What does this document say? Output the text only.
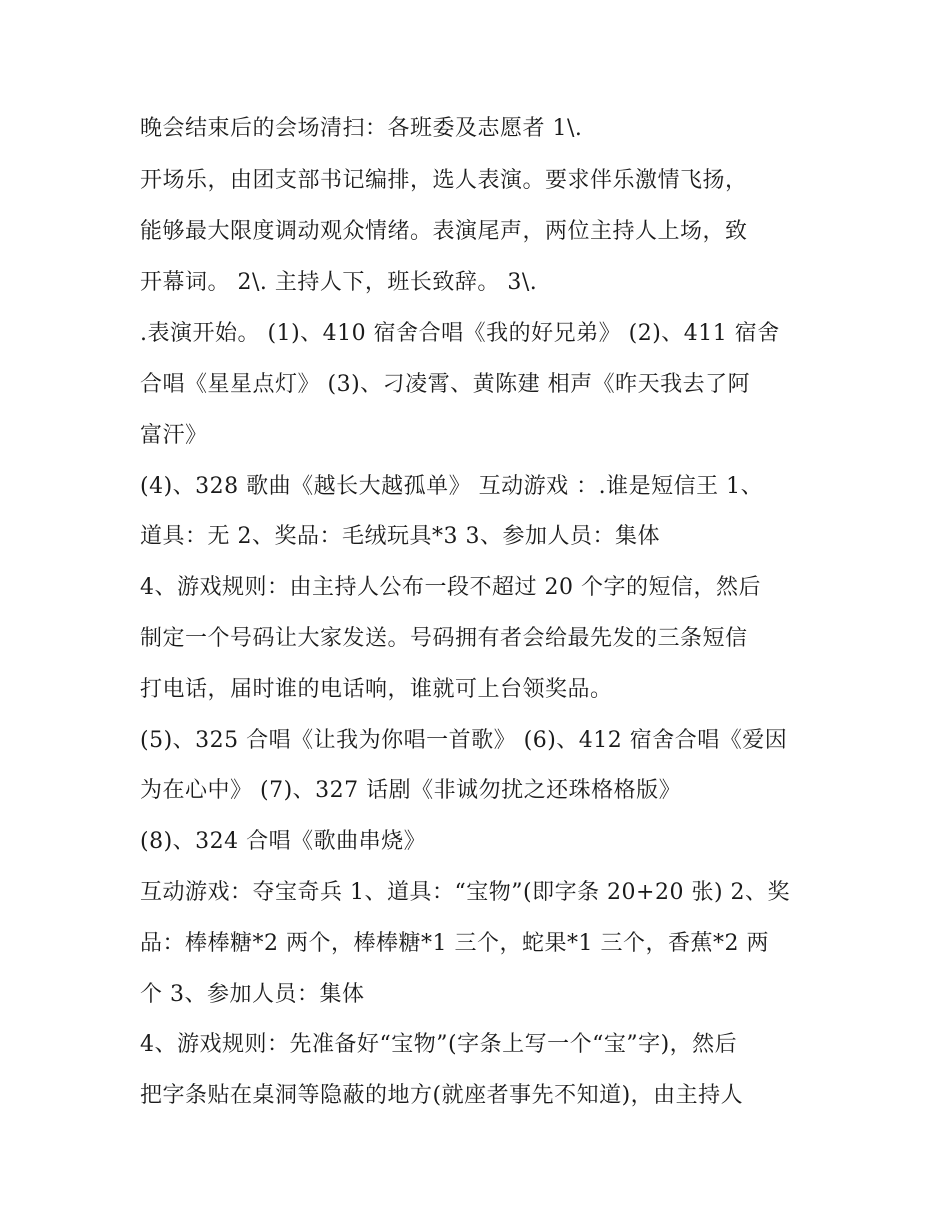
晚会结束后的会场清扫：各班委及志愿者 1\.
开场乐，由团支部书记编排，选人表演。要求伴乐激情飞扬，
能够最大限度调动观众情绪。表演尾声，两位主持人上场，致
开幕词。 2\. 主持人下，班长致辞。 3\.
.表演开始。 (1)、410 宿舍合唱《我的好兄弟》 (2)、411 宿舍
合唱《星星点灯》 (3)、刁凌霄、黄陈建 相声《昨天我去了阿
富汗》
(4)、328 歌曲《越长大越孤单》 互动游戏 ：.谁是短信王 1、
道具：无 2、奖品：毛绒玩具*3 3、参加人员：集体
4、游戏规则：由主持人公布一段不超过 20 个字的短信，然后
制定一个号码让大家发送。号码拥有者会给最先发的三条短信
打电话，届时谁的电话响，谁就可上台领奖品。
(5)、325 合唱《让我为你唱一首歌》 (6)、412 宿舍合唱《爱因
为在心中》 (7)、327 话剧《非诚勿扰之还珠格格版》
(8)、324 合唱《歌曲串烧》
互动游戏：夺宝奇兵 1、道具：“宝物”(即字条 20+20 张) 2、奖
品：棒棒糖*2 两个，棒棒糖*1 三个，蛇果*1 三个，香蕉*2 两
个 3、参加人员：集体
4、游戏规则：先准备好“宝物”(字条上写一个“宝”字)，然后
把字条贴在桌洞等隐蔽的地方(就座者事先不知道)，由主持人
